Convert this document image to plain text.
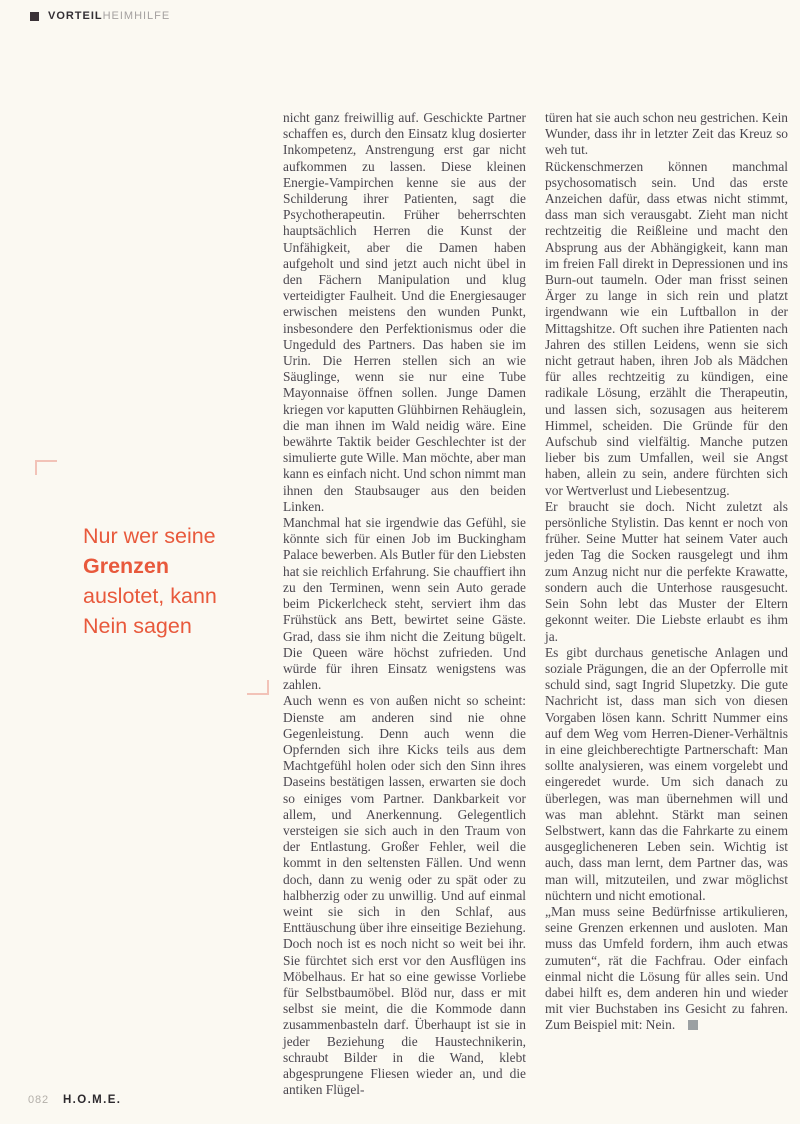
VORTEIL HEIMHILFE
Nur wer seine
Grenzen
auslotet, kann
Nein sagen

nicht ganz freiwillig auf. Geschickte Partner schaffen es, durch den Einsatz klug dosierter Inkompetenz, Anstrengung erst gar nicht aufkommen zu lassen. Diese kleinen Energie-Vampirchen kenne sie aus der Schilderung ihrer Patienten, sagt die Psychotherapeutin. Früher beherrschten hauptsächlich Herren die Kunst der Unfähigkeit, aber die Damen haben aufgeholt und sind jetzt auch nicht übel in den Fächern Manipulation und klug verteidigter Faulheit. Und die Energiesauger erwischen meistens den wunden Punkt, insbesondere den Perfektionismus oder die Ungeduld des Partners. Das haben sie im Urin. Die Herren stellen sich an wie Säuglinge, wenn sie nur eine Tube Mayonnaise öffnen sollen. Junge Damen kriegen vor kaputten Glühbirnen Rehäuglein, die man ihnen im Wald neidig wäre. Eine bewährte Taktik beider Geschlechter ist der simulierte gute Wille. Man möchte, aber man kann es einfach nicht. Und schon nimmt man ihnen den Staubsauger aus den beiden Linken.

Manchmal hat sie irgendwie das Gefühl, sie könnte sich für einen Job im Buckingham Palace bewerben. Als Butler für den Liebsten hat sie reichlich Erfahrung. Sie chauffiert ihn zu den Terminen, wenn sein Auto gerade beim Pickerlcheck steht, serviert ihm das Frühstück ans Bett, bewirtet seine Gäste. Grad, dass sie ihm nicht die Zeitung bügelt. Die Queen wäre höchst zufrieden. Und würde für ihren Einsatz wenigstens was zahlen.

Auch wenn es von außen nicht so scheint: Dienste am anderen sind nie ohne Gegenleistung. Denn auch wenn die Opfernden sich ihre Kicks teils aus dem Machtgefühl holen oder sich den Sinn ihres Daseins bestätigen lassen, erwarten sie doch so einiges vom Partner. Dankbarkeit vor allem, und Anerkennung. Gelegentlich versteigen sie sich auch in den Traum von der Entlastung. Großer Fehler, weil die kommt in den seltensten Fällen. Und wenn doch, dann zu wenig oder zu spät oder zu halbherzig oder zu unwillig. Und auf einmal weint sie sich in den Schlaf, aus Enttäuschung über ihre einseitige Beziehung.

Doch noch ist es noch nicht so weit bei ihr. Sie fürchtet sich erst vor den Ausflügen ins Möbelhaus. Er hat so eine gewisse Vorliebe für Selbstbaumöbel. Blöd nur, dass er mit selbst sie meint, die die Kommode dann zusammenbasteln darf. Überhaupt ist sie in jeder Beziehung die Haustechnikerin, schraubt Bilder in die Wand, klebt abgesprungene Fliesen wieder an, und die antiken Flügel-

türen hat sie auch schon neu gestrichen. Kein Wunder, dass ihr in letzter Zeit das Kreuz so weh tut.

Rückenschmerzen können manchmal psychosomatisch sein. Und das erste Anzeichen dafür, dass etwas nicht stimmt, dass man sich verausgabt. Zieht man nicht rechtzeitig die Reißleine und macht den Absprung aus der Abhängigkeit, kann man im freien Fall direkt in Depressionen und ins Burn-out taumeln. Oder man frisst seinen Ärger zu lange in sich rein und platzt irgendwann wie ein Luftballon in der Mittagshitze. Oft suchen ihre Patienten nach Jahren des stillen Leidens, wenn sie sich nicht getraut haben, ihren Job als Mädchen für alles rechtzeitig zu kündigen, eine radikale Lösung, erzählt die Therapeutin, und lassen sich, sozusagen aus heiterem Himmel, scheiden. Die Gründe für den Aufschub sind vielfältig. Manche putzen lieber bis zum Umfallen, weil sie Angst haben, allein zu sein, andere fürchten sich vor Wertverlust und Liebesentzug.

Er braucht sie doch. Nicht zuletzt als persönliche Stylistin. Das kennt er noch von früher. Seine Mutter hat seinem Vater auch jeden Tag die Socken rausgelegt und ihm zum Anzug nicht nur die perfekte Krawatte, sondern auch die Unterhose rausgesucht. Sein Sohn lebt das Muster der Eltern gekonnt weiter. Die Liebste erlaubt es ihm ja.

Es gibt durchaus genetische Anlagen und soziale Prägungen, die an der Opferrolle mit schuld sind, sagt Ingrid Slupetzky. Die gute Nachricht ist, dass man sich von diesen Vorgaben lösen kann. Schritt Nummer eins auf dem Weg vom Herren-Diener-Verhältnis in eine gleichberechtigte Partnerschaft: Man sollte analysieren, was einem vorgelebt und eingeredet wurde. Um sich danach zu überlegen, was man übernehmen will und was man ablehnt. Stärkt man seinen Selbstwert, kann das die Fahrkarte zu einem ausgeglicheneren Leben sein. Wichtig ist auch, dass man lernt, dem Partner das, was man will, mitzuteilen, und zwar möglichst nüchtern und nicht emotional.

„Man muss seine Bedürfnisse artikulieren, seine Grenzen erkennen und ausloten. Man muss das Umfeld fordern, ihm auch etwas zumuten“, rät die Fachfrau. Oder einfach einmal nicht die Lösung für alles sein. Und dabei hilft es, dem anderen hin und wieder mit vier Buchstaben ins Gesicht zu fahren. Zum Beispiel mit: Nein.

082 H.O.M.E.
